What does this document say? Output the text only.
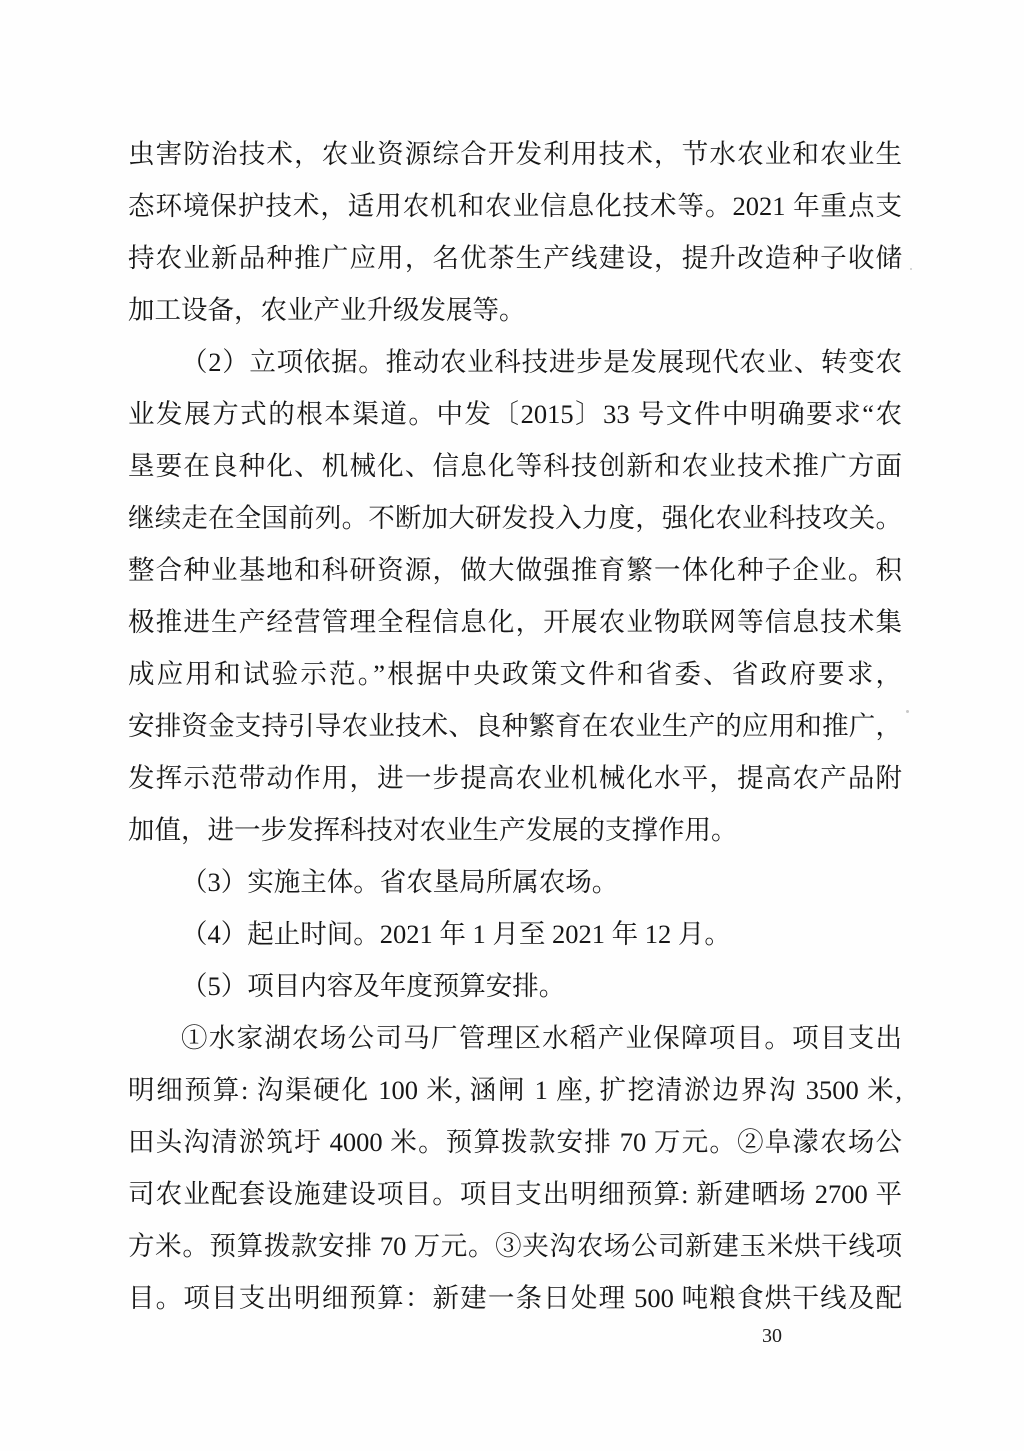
虫害防治技术，农业资源综合开发利用技术，节水农业和农业生
态环境保护技术，适用农机和农业信息化技术等。2021 年重点支
持农业新品种推广应用，名优茶生产线建设，提升改造种子收储
加工设备，农业产业升级发展等。
（2）立项依据。推动农业科技进步是发展现代农业、转变农
业发展方式的根本渠道。中发〔2015〕33 号文件中明确要求“农
垦要在良种化、机械化、信息化等科技创新和农业技术推广方面
继续走在全国前列。不断加大研发投入力度，强化农业科技攻关。
整合种业基地和科研资源，做大做强推育繁一体化种子企业。积
极推进生产经营管理全程信息化，开展农业物联网等信息技术集
成应用和试验示范。”根据中央政策文件和省委、省政府要求，
安排资金支持引导农业技术、良种繁育在农业生产的应用和推广，
发挥示范带动作用，进一步提高农业机械化水平，提高农产品附
加值，进一步发挥科技对农业生产发展的支撑作用。
（3）实施主体。省农垦局所属农场。
（4）起止时间。2021 年 1 月至 2021 年 12 月。
（5）项目内容及年度预算安排。
①水家湖农场公司马厂管理区水稻产业保障项目。项目支出
明细预算: 沟渠硬化 100 米, 涵闸 1 座, 扩挖清淤边界沟 3500 米,
田头沟清淤筑圩 4000 米。预算拨款安排 70 万元。②阜濛农场公
司农业配套设施建设项目。项目支出明细预算: 新建晒场 2700 平
方米。预算拨款安排 70 万元。③夹沟农场公司新建玉米烘干线项
目。项目支出明细预算：新建一条日处理 500 吨粮食烘干线及配
30
